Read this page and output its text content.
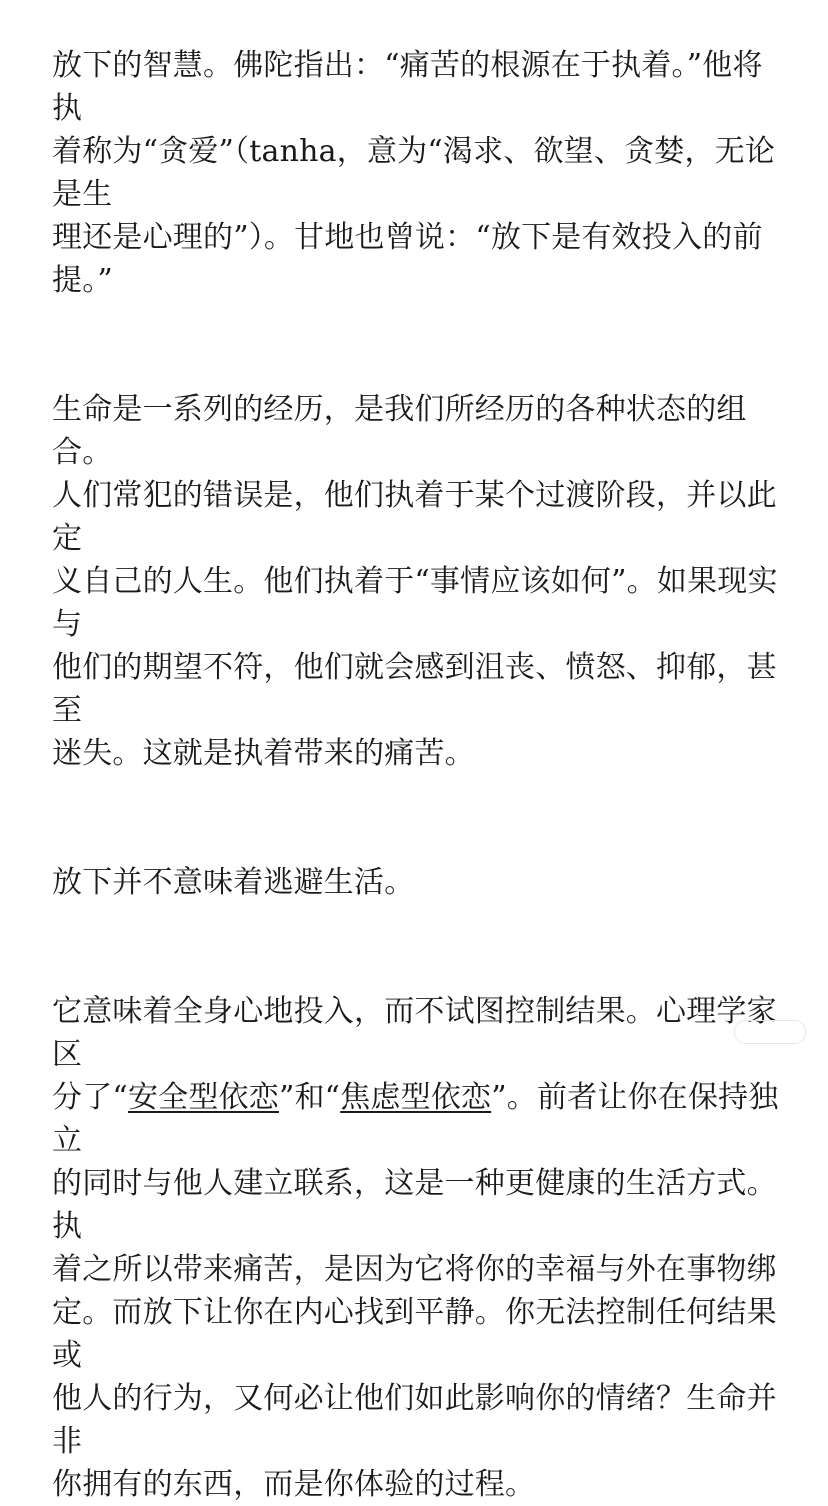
放下的智慧。佛陀指出：“痛苦的根源在于执着。”他将执
着称为“贪爱”（tanha，意为“渴求、欲望、贪婪，无论是生
理还是心理的”）。甘地也曾说：“放下是有效投入的前
提。”
生命是一系列的经历，是我们所经历的各种状态的组合。
人们常犯的错误是，他们执着于某个过渡阶段，并以此定
义自己的人生。他们执着于“事情应该如何”。如果现实与
他们的期望不符，他们就会感到沮丧、愤怒、抑郁，甚至
迷失。这就是执着带来的痛苦。
放下并不意味着逃避生活。
它意味着全身心地投入，而不试图控制结果。心理学家区
分了“安全型依恋”和“焦虑型依恋”。前者让你在保持独立
的同时与他人建立联系，这是一种更健康的生活方式。执
着之所以带来痛苦，是因为它将你的幸福与外在事物绑
定。而放下让你在内心找到平静。你无法控制任何结果或
他人的行为，又何必让他们如此影响你的情绪？生命并非
你拥有的东西，而是你体验的过程。
